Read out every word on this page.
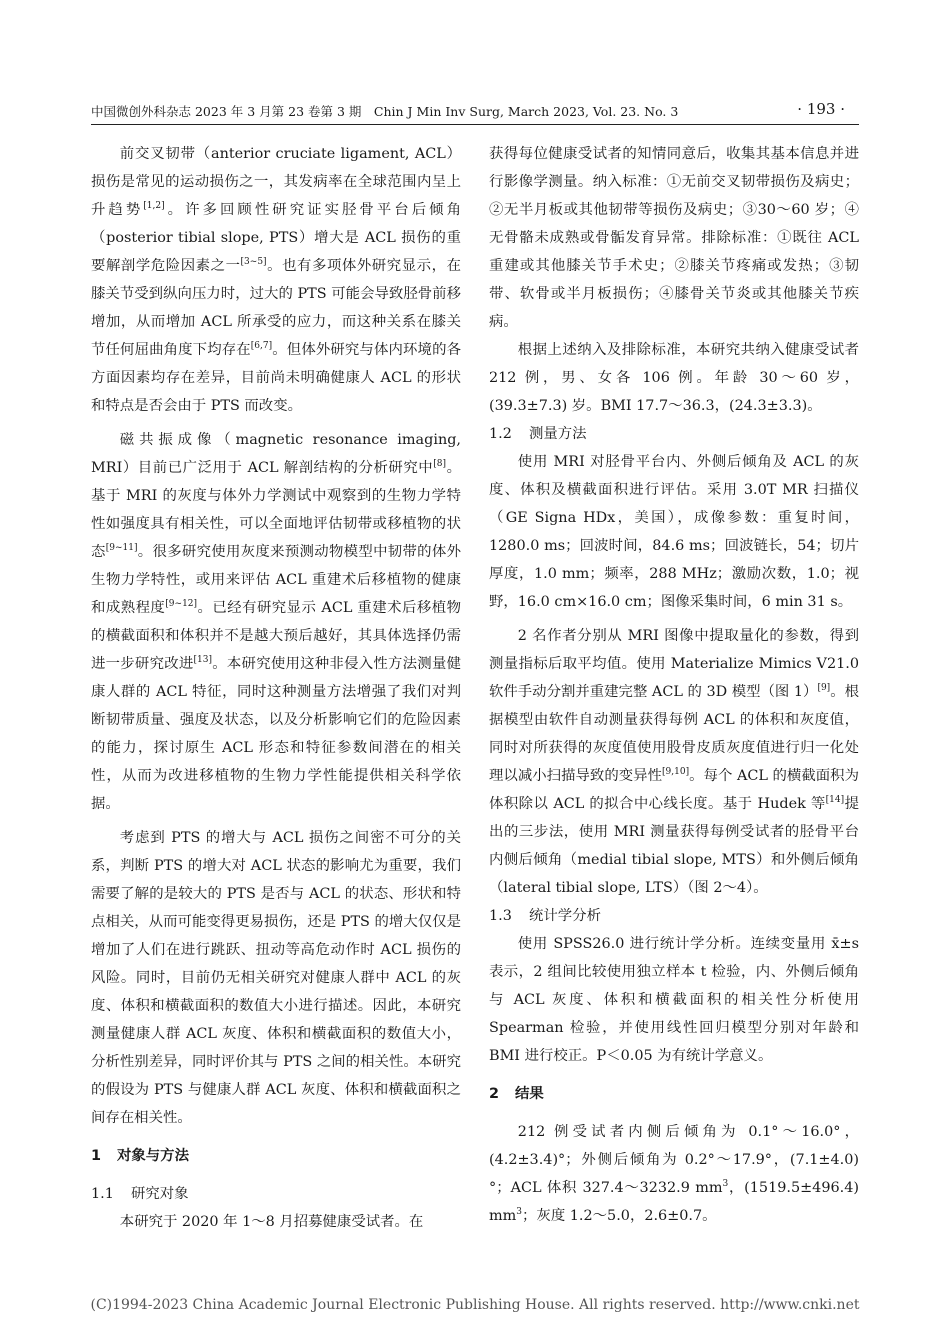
中国微创外科杂志 2023 年 3 月第 23 卷第 3 期　Chin J Min Inv Surg, March 2023, Vol. 23. No. 3	· 193 ·

前交叉韧带（anterior cruciate ligament, ACL）损伤是常见的运动损伤之一，其发病率在全球范围内呈上升趋势[1,2]。许多回顾性研究证实胫骨平台后倾角（posterior tibial slope, PTS）增大是 ACL 损伤的重要解剖学危险因素之一[3~5]。也有多项体外研究显示，在膝关节受到纵向压力时，过大的 PTS 可能会导致胫骨前移增加，从而增加 ACL 所承受的应力，而这种关系在膝关节任何屈曲角度下均存在[6,7]。但体外研究与体内环境的各方面因素均存在差异，目前尚未明确健康人 ACL 的形状和特点是否会由于 PTS 而改变。

磁共振成像（magnetic resonance imaging, MRI）目前已广泛用于 ACL 解剖结构的分析研究中[8]。基于 MRI 的灰度与体外力学测试中观察到的生物力学特性如强度具有相关性，可以全面地评估韧带或移植物的状态[9~11]。很多研究使用灰度来预测动物模型中韧带的体外生物力学特性，或用来评估 ACL 重建术后移植物的健康和成熟程度[9~12]。已经有研究显示 ACL 重建术后移植物的横截面积和体积并不是越大预后越好，其具体选择仍需进一步研究改进[13]。本研究使用这种非侵入性方法测量健康人群的 ACL 特征，同时这种测量方法增强了我们对判断韧带质量、强度及状态，以及分析影响它们的危险因素的能力，探讨原生 ACL 形态和特征参数间潜在的相关性，从而为改进移植物的生物力学性能提供相关科学依据。

考虑到 PTS 的增大与 ACL 损伤之间密不可分的关系，判断 PTS 的增大对 ACL 状态的影响尤为重要，我们需要了解的是较大的 PTS 是否与 ACL 的状态、形状和特点相关，从而可能变得更易损伤，还是 PTS 的增大仅仅是增加了人们在进行跳跃、扭动等高危动作时 ACL 损伤的风险。同时，目前仍无相关研究对健康人群中 ACL 的灰度、体积和横截面积的数值大小进行描述。因此，本研究测量健康人群 ACL 灰度、体积和横截面积的数值大小，分析性别差异，同时评价其与 PTS 之间的相关性。本研究的假设为 PTS 与健康人群 ACL 灰度、体积和横截面积之间存在相关性。

1 对象与方法
1.1 研究对象

本研究于 2020 年 1～8 月招募健康受试者。在

获得每位健康受试者的知情同意后，收集其基本信息并进行影像学测量。纳入标准：①无前交叉韧带损伤及病史；②无半月板或其他韧带等损伤及病史；③30～60 岁；④无骨骼未成熟或骨骺发育异常。排除标准：①既往 ACL 重建或其他膝关节手术史；②膝关节疼痛或发热；③韧带、软骨或半月板损伤；④膝骨关节炎或其他膝关节疾病。

根据上述纳入及排除标准，本研究共纳入健康受试者 212 例，男、女各 106 例。年龄 30～60 岁，(39.3±7.3) 岁。BMI 17.7～36.3，(24.3±3.3)。

1.2 测量方法

使用 MRI 对胫骨平台内、外侧后倾角及 ACL 的灰度、体积及横截面积进行评估。采用 3.0T MR 扫描仪（GE Signa HDx，美国），成像参数：重复时间，1280.0 ms；回波时间，84.6 ms；回波链长，54；切片厚度，1.0 mm；频率，288 MHz；激励次数，1.0；视野，16.0 cm×16.0 cm；图像采集时间，6 min 31 s。

2 名作者分别从 MRI 图像中提取量化的参数，得到测量指标后取平均值。使用 Materialize Mimics V21.0 软件手动分割并重建完整 ACL 的 3D 模型（图 1）[9]。根据模型由软件自动测量获得每例 ACL 的体积和灰度值，同时对所获得的灰度值使用股骨皮质灰度值进行归一化处理以减小扫描导致的变异性[9,10]。每个 ACL 的横截面积为体积除以 ACL 的拟合中心线长度。基于 Hudek 等[14]提出的三步法，使用 MRI 测量获得每例受试者的胫骨平台内侧后倾角（medial tibial slope, MTS）和外侧后倾角（lateral tibial slope, LTS）（图 2～4）。

1.3 统计学分析

使用 SPSS26.0 进行统计学分析。连续变量用 x̄±s 表示，2 组间比较使用独立样本 t 检验，内、外侧后倾角与 ACL 灰度、体积和横截面积的相关性分析使用 Spearman 检验，并使用线性回归模型分别对年龄和 BMI 进行校正。P＜0.05 为有统计学意义。

2 结果

212 例受试者内侧后倾角为 0.1°～16.0°，(4.2±3.4)°；外侧后倾角为 0.2°～17.9°，(7.1±4.0)°；ACL 体积 327.4～3232.9 $mm^3$，(1519.5±496.4) $mm^3$；灰度 1.2～5.0，2.6±0.7。

(C)1994-2023 China Academic Journal Electronic Publishing House. All rights reserved. http://www.cnki.net
